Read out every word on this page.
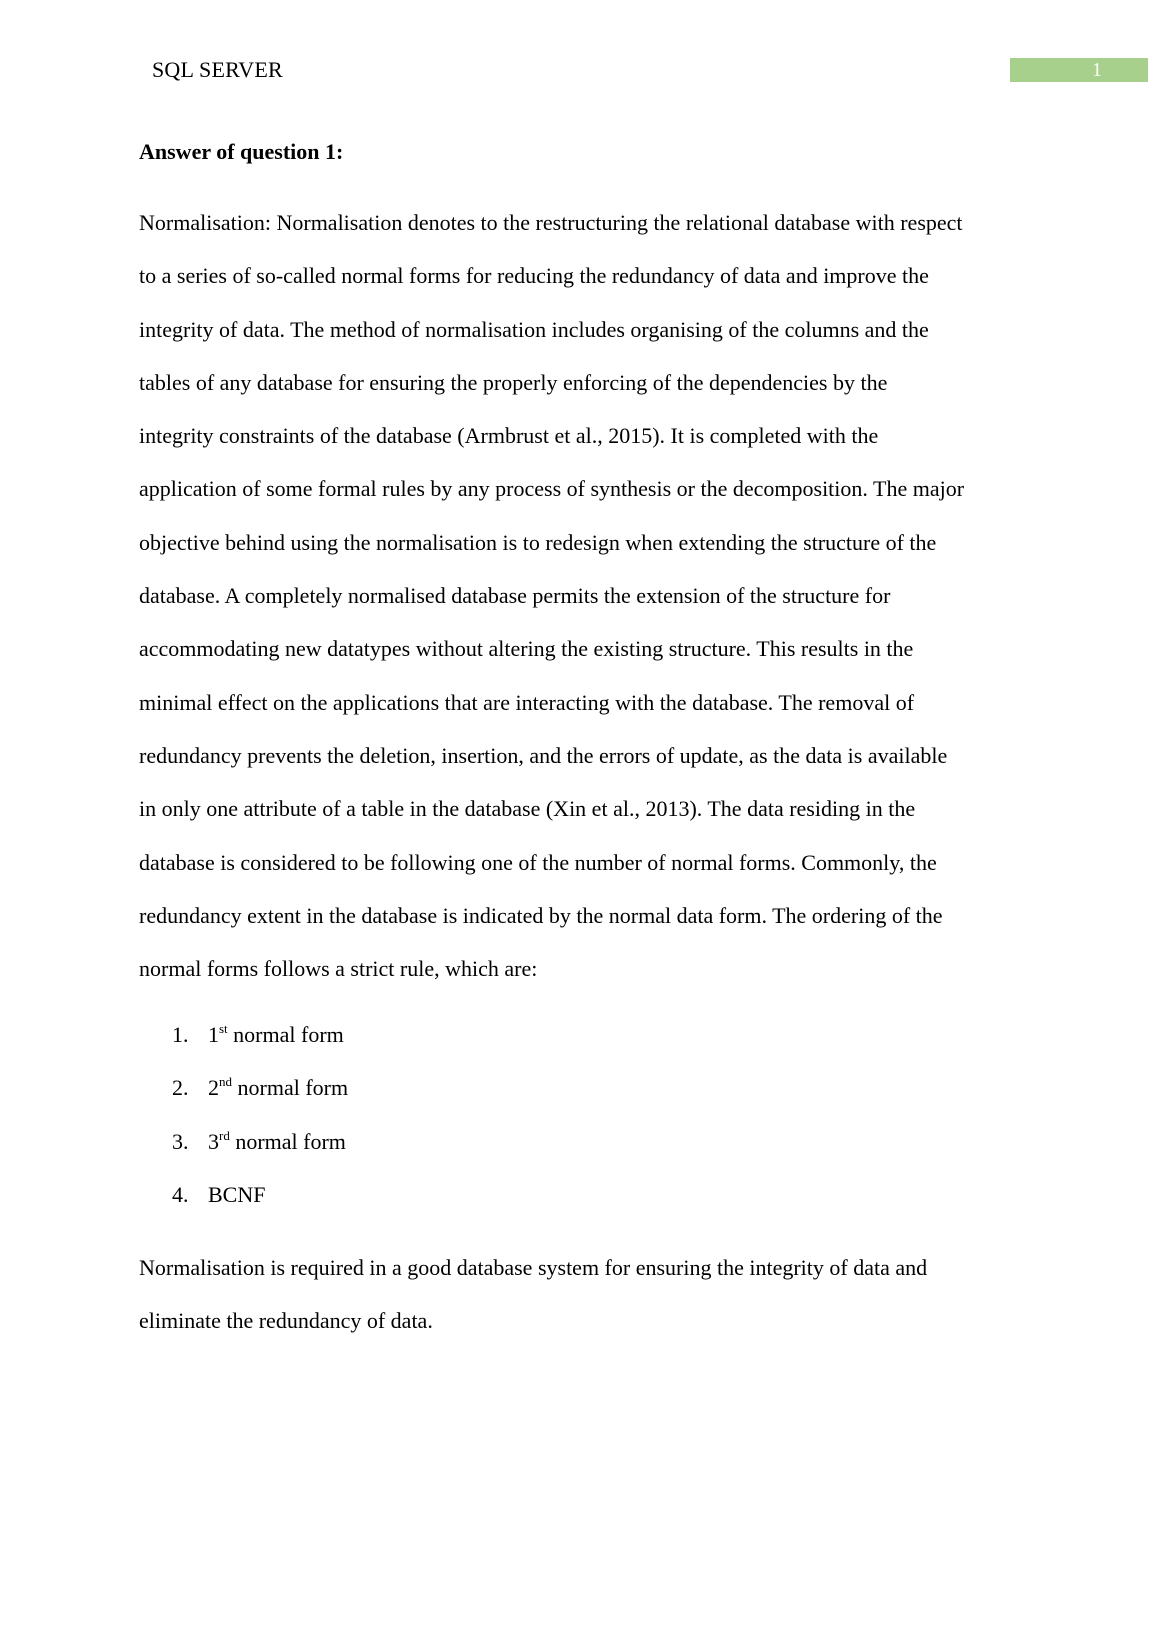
SQL SERVER	1
Answer of question 1:

Normalisation: Normalisation denotes to the restructuring the relational database with respect
to a series of so-called normal forms for reducing the redundancy of data and improve the
integrity of data. The method of normalisation includes organising of the columns and the
tables of any database for ensuring the properly enforcing of the dependencies by the
integrity constraints of the database (Armbrust et al., 2015). It is completed with the
application of some formal rules by any process of synthesis or the decomposition. The major
objective behind using the normalisation is to redesign when extending the structure of the
database. A completely normalised database permits the extension of the structure for
accommodating new datatypes without altering the existing structure. This results in the
minimal effect on the applications that are interacting with the database. The removal of
redundancy prevents the deletion, insertion, and the errors of update, as the data is available
in only one attribute of a table in the database (Xin et al., 2013). The data residing in the
database is considered to be following one of the number of normal forms. Commonly, the
redundancy extent in the database is indicated by the normal data form. The ordering of the
normal forms follows a strict rule, which are:

1. 1st normal form
2. 2nd normal form
3. 3rd normal form
4. BCNF

Normalisation is required in a good database system for ensuring the integrity of data and
eliminate the redundancy of data.
